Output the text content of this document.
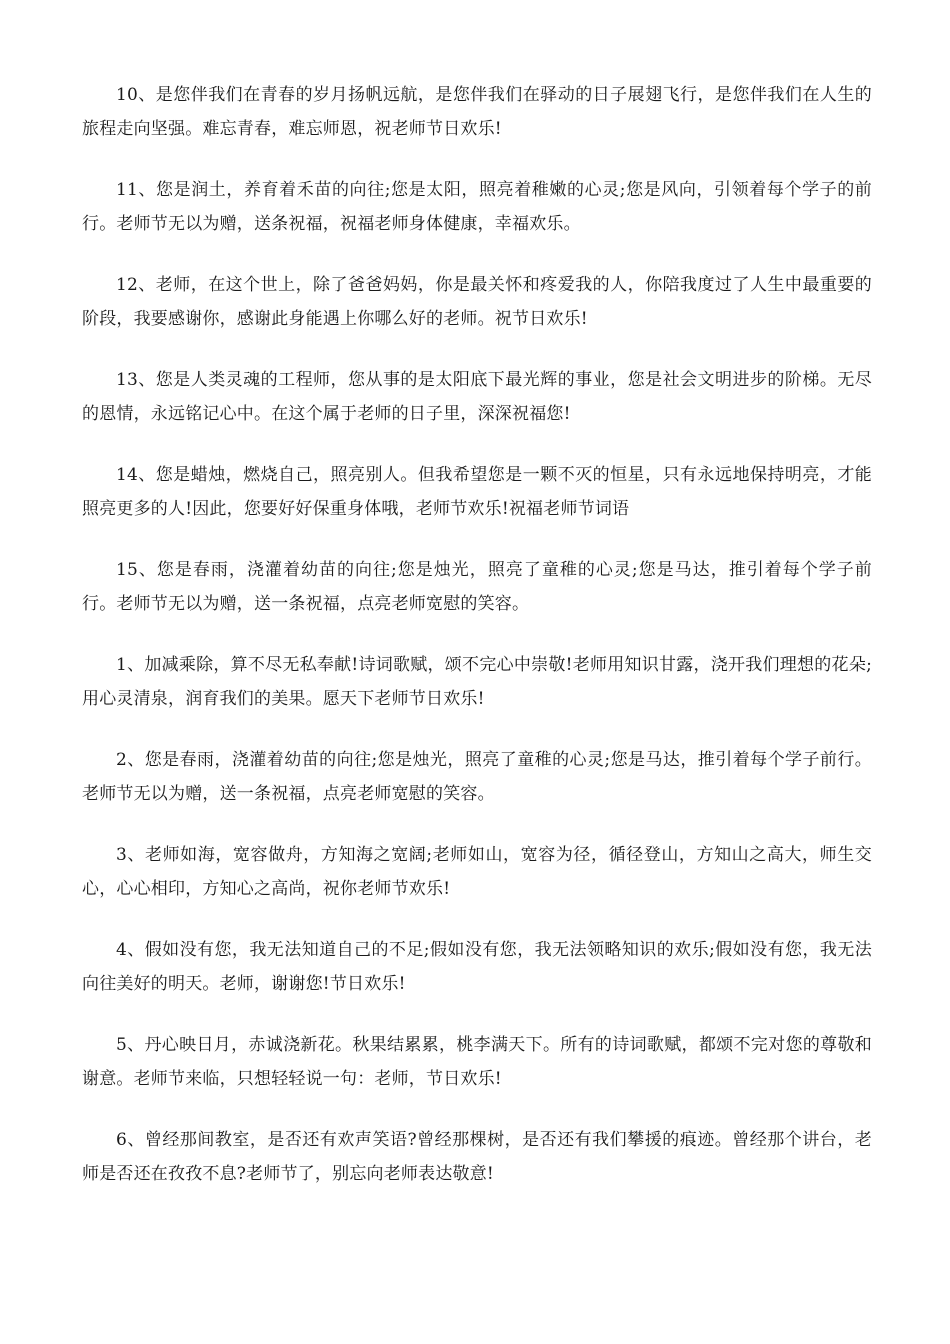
10、是您伴我们在青春的岁月扬帆远航，是您伴我们在驿动的日子展翅飞行，是您伴我们在人生的旅程走向坚强。难忘青春，难忘师恩，祝老师节日欢乐!

11、您是润土，养育着禾苗的向往;您是太阳，照亮着稚嫩的心灵;您是风向，引领着每个学子的前行。老师节无以为赠，送条祝福，祝福老师身体健康，幸福欢乐。

12、老师，在这个世上，除了爸爸妈妈，你是最关怀和疼爱我的人，你陪我度过了人生中最重要的阶段，我要感谢你，感谢此身能遇上你哪么好的老师。祝节日欢乐!

13、您是人类灵魂的工程师，您从事的是太阳底下最光辉的事业，您是社会文明进步的阶梯。无尽的恩情，永远铭记心中。在这个属于老师的日子里，深深祝福您!

14、您是蜡烛，燃烧自己，照亮别人。但我希望您是一颗不灭的恒星，只有永远地保持明亮，才能照亮更多的人!因此，您要好好保重身体哦，老师节欢乐!祝福老师节词语

15、您是春雨，浇灌着幼苗的向往;您是烛光，照亮了童稚的心灵;您是马达，推引着每个学子前行。老师节无以为赠，送一条祝福，点亮老师宽慰的笑容。

1、加减乘除，算不尽无私奉献!诗词歌赋，颂不完心中崇敬!老师用知识甘露，浇开我们理想的花朵;用心灵清泉，润育我们的美果。愿天下老师节日欢乐!

2、您是春雨，浇灌着幼苗的向往;您是烛光，照亮了童稚的心灵;您是马达，推引着每个学子前行。老师节无以为赠，送一条祝福，点亮老师宽慰的笑容。

3、老师如海，宽容做舟，方知海之宽阔;老师如山，宽容为径，循径登山，方知山之高大，师生交心，心心相印，方知心之高尚，祝你老师节欢乐!

4、假如没有您，我无法知道自己的不足;假如没有您，我无法领略知识的欢乐;假如没有您，我无法向往美好的明天。老师，谢谢您!节日欢乐!

5、丹心映日月，赤诚浇新花。秋果结累累，桃李满天下。所有的诗词歌赋，都颂不完对您的尊敬和谢意。老师节来临，只想轻轻说一句：老师，节日欢乐!

6、曾经那间教室，是否还有欢声笑语?曾经那棵树，是否还有我们攀援的痕迹。曾经那个讲台，老师是否还在孜孜不息?老师节了，别忘向老师表达敬意!
